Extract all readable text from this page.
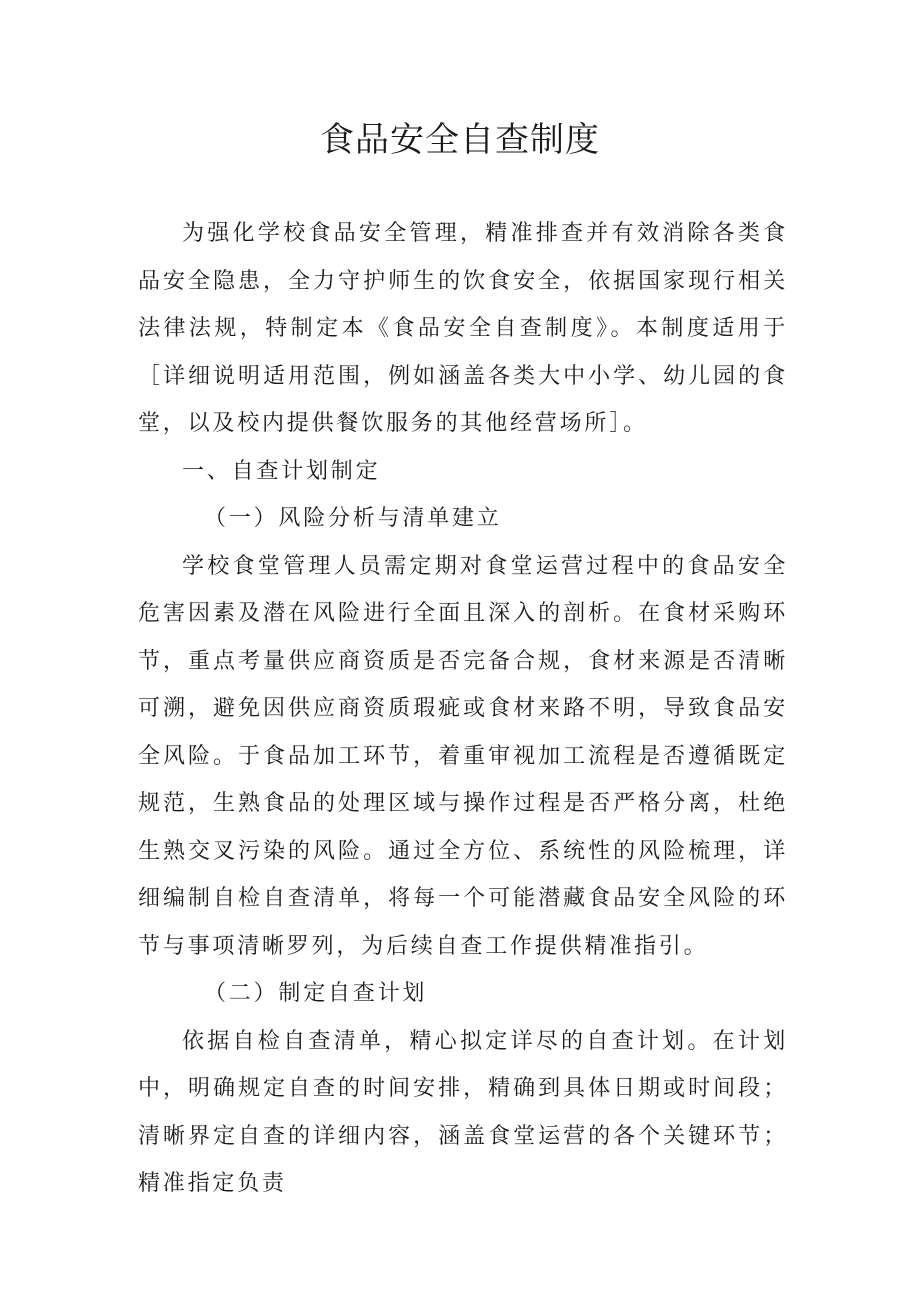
食品安全自查制度

为强化学校食品安全管理，精准排查并有效消除各类食品安全隐患，全力守护师生的饮食安全，依据国家现行相关法律法规，特制定本《食品安全自查制度》。本制度适用于［详细说明适用范围，例如涵盖各类大中小学、幼儿园的食堂，以及校内提供餐饮服务的其他经营场所］。

一、自查计划制定

（一）风险分析与清单建立

学校食堂管理人员需定期对食堂运营过程中的食品安全危害因素及潜在风险进行全面且深入的剖析。在食材采购环节，重点考量供应商资质是否完备合规，食材来源是否清晰可溯，避免因供应商资质瑕疵或食材来路不明，导致食品安全风险。于食品加工环节，着重审视加工流程是否遵循既定规范，生熟食品的处理区域与操作过程是否严格分离，杜绝生熟交叉污染的风险。通过全方位、系统性的风险梳理，详细编制自检自查清单，将每一个可能潜藏食品安全风险的环节与事项清晰罗列，为后续自查工作提供精准指引。

（二）制定自查计划

依据自检自查清单，精心拟定详尽的自查计划。在计划中，明确规定自查的时间安排，精确到具体日期或时间段；清晰界定自查的详细内容，涵盖食堂运营的各个关键环节；精准指定负责
